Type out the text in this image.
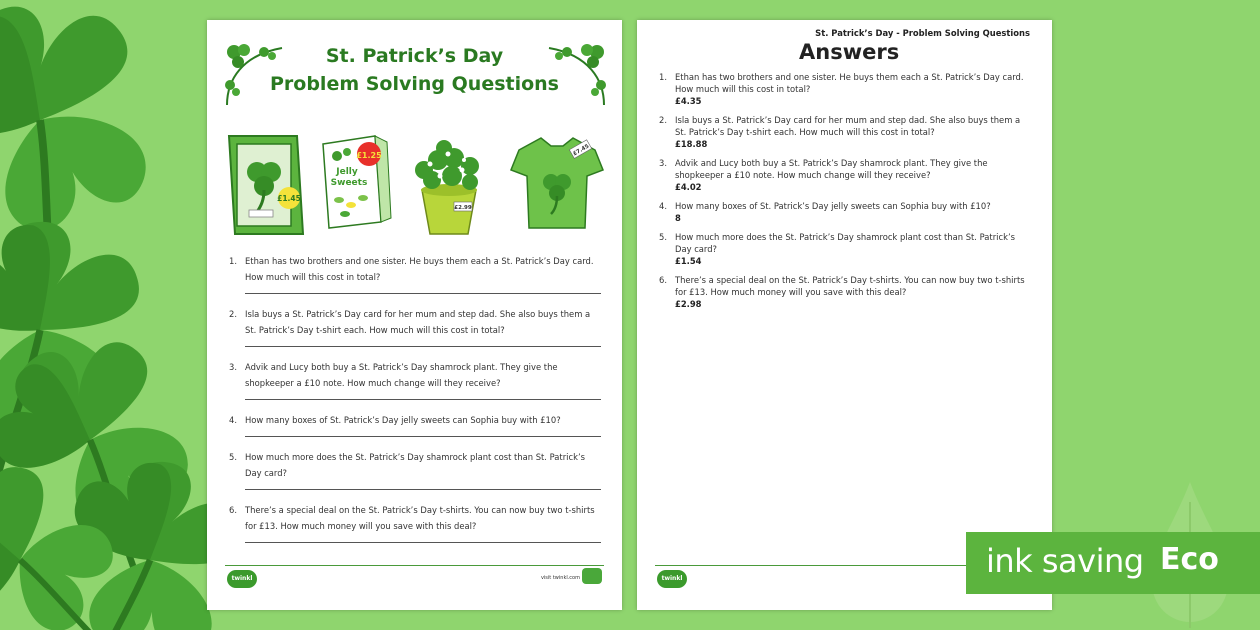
St. Patrick’s Day
Problem Solving Questions
£1.45
Jelly
Sweets
£1.25
£2.99
£7.45
1. Ethan has two brothers and one sister. He buys them each a St. Patrick’s Day card. How much will this cost in total?
2. Isla buys a St. Patrick’s Day card for her mum and step dad. She also buys them a St. Patrick’s Day t-shirt each. How much will this cost in total?
3. Advik and Lucy both buy a St. Patrick’s Day shamrock plant. They give the shopkeeper a £10 note. How much change will they receive?
4. How many boxes of St. Patrick’s Day jelly sweets can Sophia buy with £10?
5. How much more does the St. Patrick’s Day shamrock plant cost than St. Patrick’s Day card?
6. There’s a special deal on the St. Patrick’s Day t-shirts. You can now buy two t-shirts for £13. How much money will you save with this deal?
twinkl	visit twinkl.com
St. Patrick’s Day - Problem Solving Questions
Answers
1. Ethan has two brothers and one sister. He buys them each a St. Patrick’s Day card. How much will this cost in total?
£4.35
2. Isla buys a St. Patrick’s Day card for her mum and step dad. She also buys them a St. Patrick’s Day t-shirt each. How much will this cost in total?
£18.88
3. Advik and Lucy both buy a St. Patrick’s Day shamrock plant. They give the shopkeeper a £10 note. How much change will they receive?
£4.02
4. How many boxes of St. Patrick’s Day jelly sweets can Sophia buy with £10?
8
5. How much more does the St. Patrick’s Day shamrock plant cost than St. Patrick’s Day card?
£1.54
6. There’s a special deal on the St. Patrick’s Day t-shirts. You can now buy two t-shirts for £13. How much money will you save with this deal?
£2.98
twinkl	ink saving Eco
